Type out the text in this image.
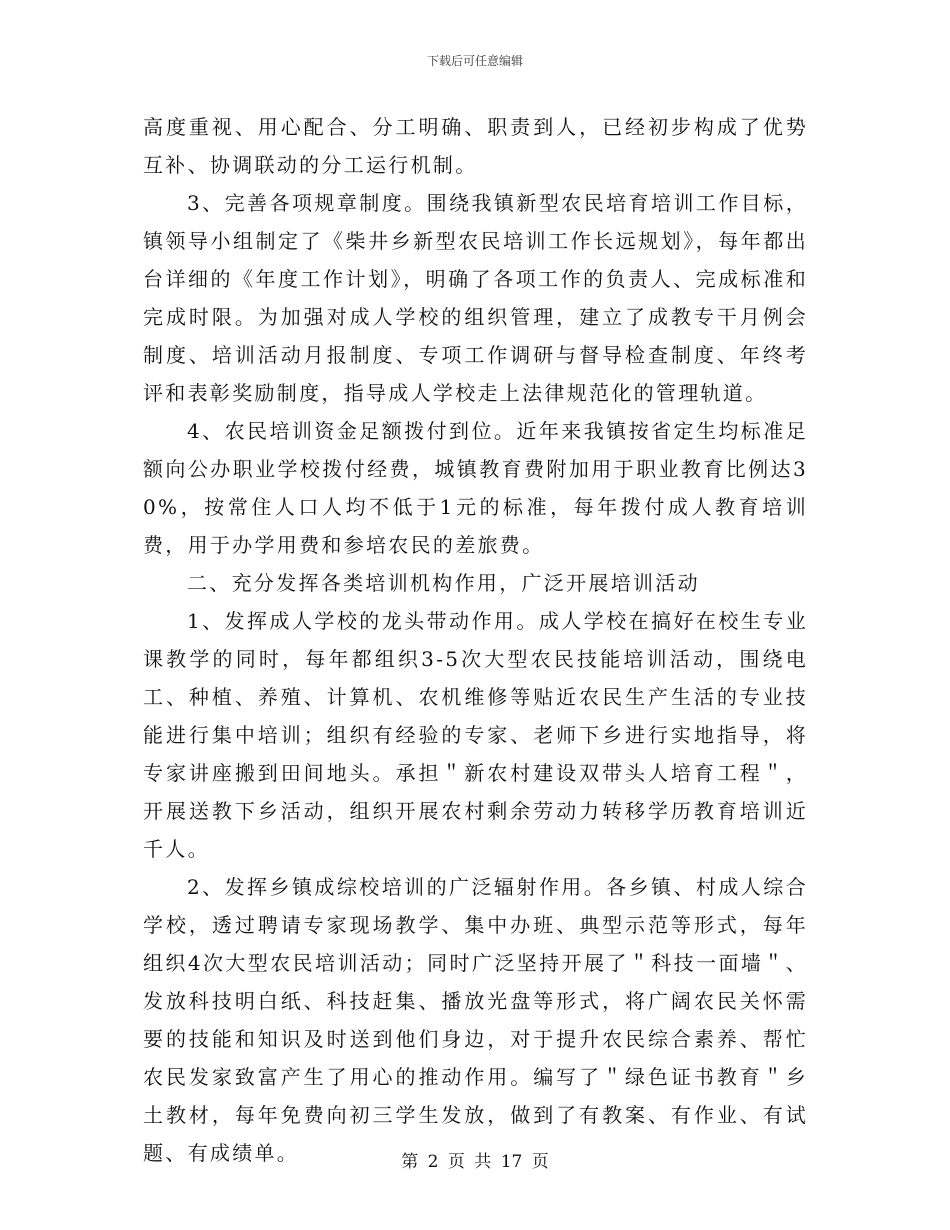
下载后可任意编辑

高度重视、用心配合、分工明确、职责到人，已经初步构成了优势互补、协调联动的分工运行机制。

3、完善各项规章制度。围绕我镇新型农民培育培训工作目标，镇领导小组制定了《柴井乡新型农民培训工作长远规划》，每年都出台详细的《年度工作计划》，明确了各项工作的负责人、完成标准和完成时限。为加强对成人学校的组织管理，建立了成教专干月例会制度、培训活动月报制度、专项工作调研与督导检查制度、年终考评和表彰奖励制度，指导成人学校走上法律规范化的管理轨道。

4、农民培训资金足额拨付到位。近年来我镇按省定生均标准足额向公办职业学校拨付经费，城镇教育费附加用于职业教育比例达30%，按常住人口人均不低于1元的标准，每年拨付成人教育培训费，用于办学用费和参培农民的差旅费。

二、充分发挥各类培训机构作用，广泛开展培训活动

1、发挥成人学校的龙头带动作用。成人学校在搞好在校生专业课教学的同时，每年都组织3-5次大型农民技能培训活动，围绕电工、种植、养殖、计算机、农机维修等贴近农民生产生活的专业技能进行集中培训；组织有经验的专家、老师下乡进行实地指导，将专家讲座搬到田间地头。承担＂新农村建设双带头人培育工程＂，开展送教下乡活动，组织开展农村剩余劳动力转移学历教育培训近千人。

2、发挥乡镇成综校培训的广泛辐射作用。各乡镇、村成人综合学校，透过聘请专家现场教学、集中办班、典型示范等形式，每年组织4次大型农民培训活动；同时广泛坚持开展了＂科技一面墙＂、发放科技明白纸、科技赶集、播放光盘等形式，将广阔农民关怀需要的技能和知识及时送到他们身边，对于提升农民综合素养、帮忙农民发家致富产生了用心的推动作用。编写了＂绿色证书教育＂乡土教材，每年免费向初三学生发放，做到了有教案、有作业、有试题、有成绩单。	第 2 页 共 17 页
